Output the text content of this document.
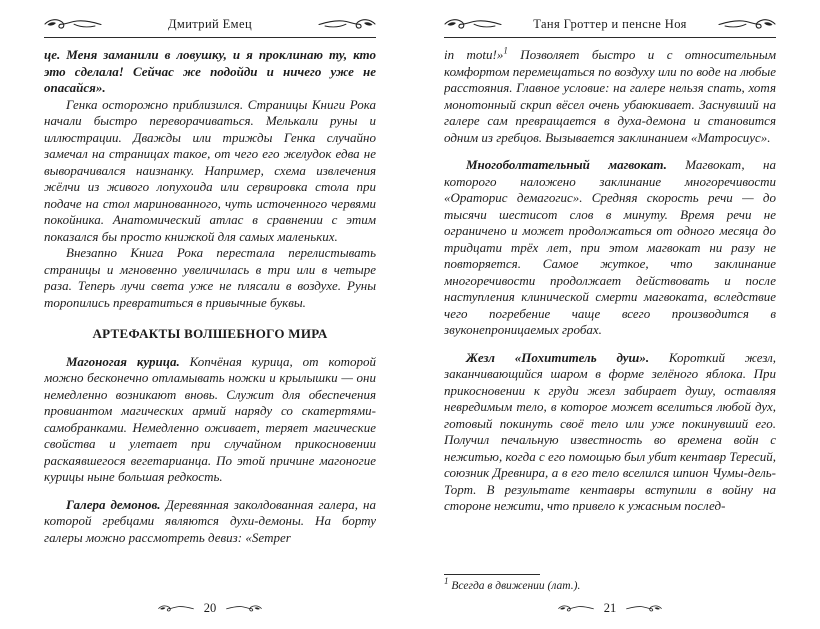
Дмитрий Емец
це. Меня заманили в ловушку, и я проклинаю ту, кто это сделала! Сейчас же подойди и ничего уже не опасайся».
Генка осторожно приблизился. Страницы Книги Рока начали быстро переворачиваться. Мелькали руны и иллюстрации. Дважды или трижды Генка случайно замечал на страницах такое, от чего его желудок едва не выворачивался наизнанку. Например, схема извлечения жёлчи из живого лопухоида или сервировка стола при подаче на стол маринованного, чуть источенного червями покойника. Анатомический атлас в сравнении с этим показался бы просто книжкой для самых маленьких.
Внезапно Книга Рока перестала перелистывать страницы и мгновенно увеличилась в три или в четыре раза. Теперь лучи света уже не плясали в воздухе. Руны торопились превратиться в привычные буквы.
АРТЕФАКТЫ ВОЛШЕБНОГО МИРА
Магоногая курица. Копчёная курица, от которой можно бесконечно отламывать ножки и крылышки — они немедленно возникают вновь. Служит для обеспечения провиантом магических армий наряду со скатертями-самобранками. Немедленно оживает, теряет магические свойства и улетает при случайном прикосновении раскаявшегося вегетарианца. По этой причине магоногие курицы ныне большая редкость.
Галера демонов. Деревянная заколдованная галера, на которой гребцами являются духи-демоны. На борту галеры можно рассмотреть девиз: «Semper
20
Таня Гроттер и пенсне Ноя
in motu!»$^1$ Позволяет быстро и с относительным комфортом перемещаться по воздуху или по воде на любые расстояния. Главное условие: на галере нельзя спать, хотя монотонный скрип вёсел очень убаюкивает. Заснувший на галере сам превращается в духа-демона и становится одним из гребцов. Вызывается заклинанием «Матросиус».
Многоболтательный магвокат. Магвокат, на которого наложено заклинание многоречивости «Ораторис демагогис». Средняя скорость речи — до тысячи шестисот слов в минуту. Время речи не ограничено и может продолжаться от одного месяца до тридцати трёх лет, при этом магвокат ни разу не повторяется. Самое жуткое, что заклинание многоречивости продолжает действовать и после наступления клинической смерти магвоката, вследствие чего погребение чаще всего производится в звуконепроницаемых гробах.
Жезл «Похититель душ». Короткий жезл, заканчивающийся шаром в форме зелёного яблока. При прикосновении к груди жезл забирает душу, оставляя невредимым тело, в которое может вселиться любой дух, готовый покинуть своё тело или уже покинувший его. Получил печальную известность во времена войн с нежитью, когда с его помощью был убит кентавр Тересий, союзник Древнира, а в его тело вселился шпион Чумы-дель-Торт. В результате кентавры вступили в войну на стороне нежити, что привело к ужасным послед-
$^1$ Всегда в движении (лат.).
21
